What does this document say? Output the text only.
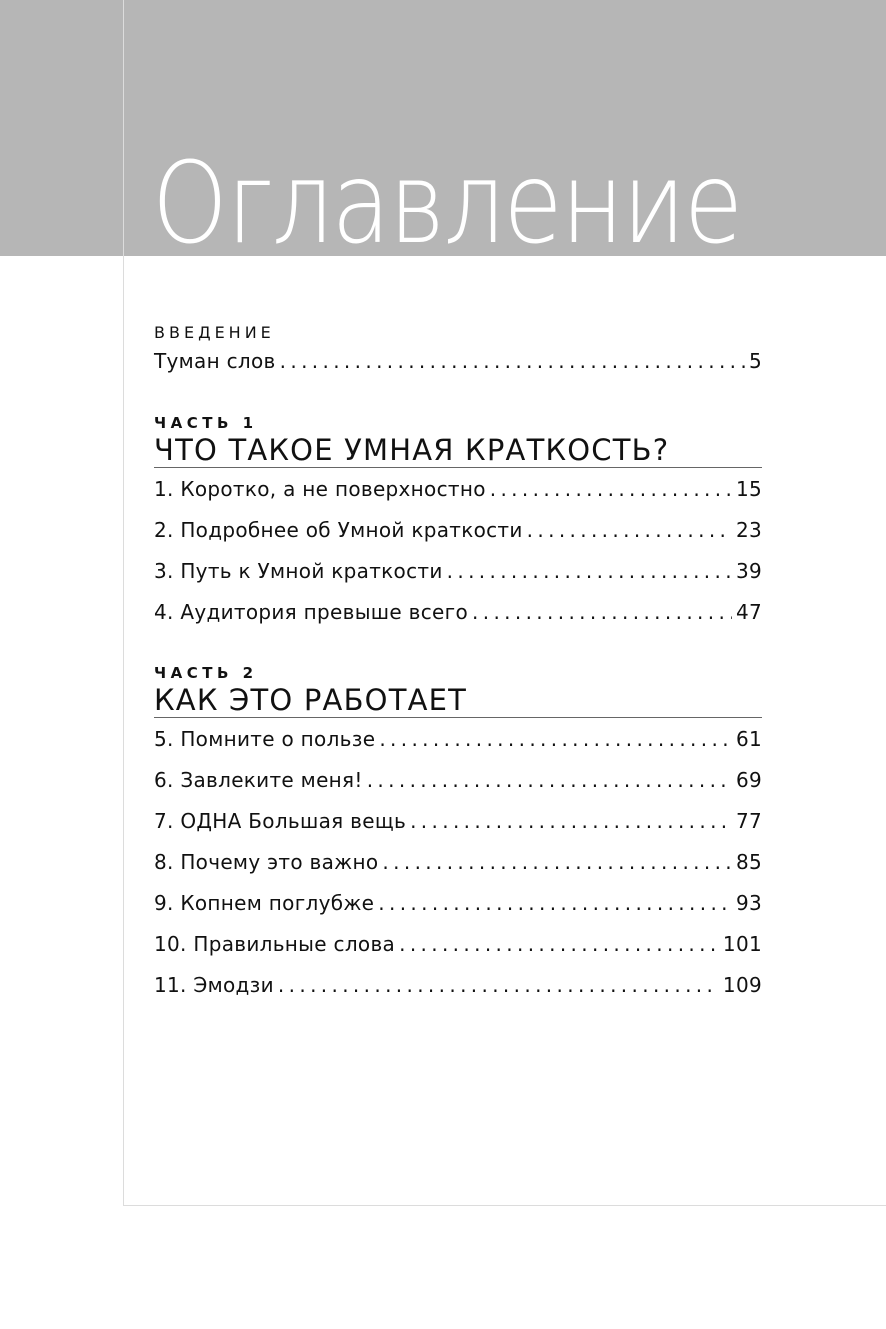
Оглавление
ВВЕДЕНИЕ
Туман слов . . .	5
ЧАСТЬ 1
ЧТО ТАКОЕ УМНАЯ КРАТКОСТЬ?
1. Коротко, а не поверхностно . . .	15
2. Подробнее об Умной краткости . . .	23
3. Путь к Умной краткости . . .	39
4. Аудитория превыше всего . . .	47
ЧАСТЬ 2
КАК ЭТО РАБОТАЕТ
5. Помните о пользе . . .	61
6. Завлеките меня! . . .	69
7. ОДНА Большая вещь . . .	77
8. Почему это важно . . .	85
9. Копнем поглубже . . .	93
10. Правильные слова . . .	101
11. Эмодзи . . .	109
